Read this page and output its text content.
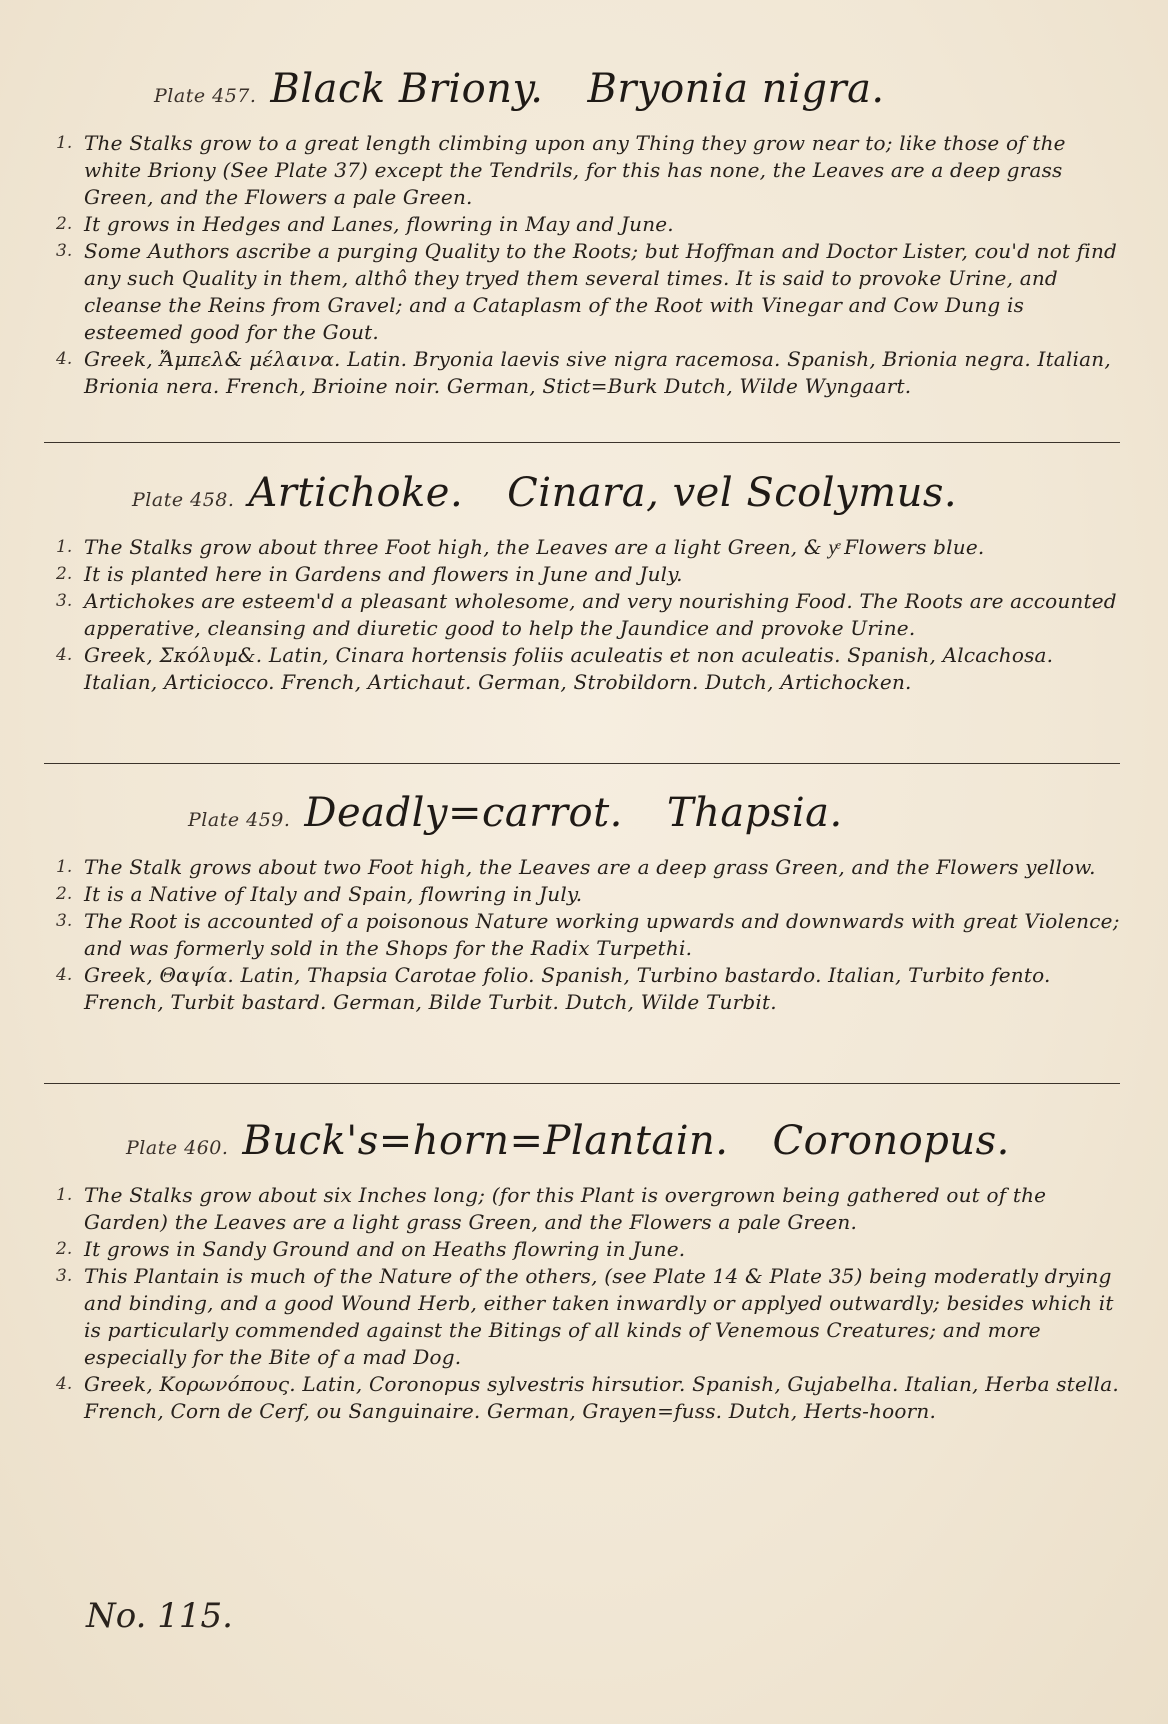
Plate 457. Black Briony. Bryonia nigra.
1. The Stalks grow to a great length climbing upon any Thing they grow near to; like those of the white Briony (See Plate 37) except the Tendrils, for this has none, the Leaves are a deep grass Green, and the Flowers a pale Green.
2. It grows in Hedges and Lanes, flowring in May and June.
3. Some Authors ascribe a purging Quality to the Roots; but Hoffman and Doctor Lister, cou'd not find any such Quality in them, althô they tryed them several times. It is said to provoke Urine, and cleanse the Reins from Gravel; and a Cataplasm of the Root with Vinegar and Cow Dung is esteemed good for the Gout.
4. Greek, Ἄμπελ& μέλαινα. Latin. Bryonia laevis sive nigra racemosa. Spanish, Brionia negra. Italian, Brionia nera. French, Brioine noir. German, Stict=Burk Dutch, Wilde Wyngaart.
Plate 458. Artichoke. Cinara, vel Scolymus.
1. The Stalks grow about three Foot high, the Leaves are a light Green, & yͤ Flowers blue.
2. It is planted here in Gardens and flowers in June and July.
3. Artichokes are esteem'd a pleasant wholesome, and very nourishing Food. The Roots are accounted apperative, cleansing and diuretic good to help the Jaundice and provoke Urine.
4. Greek, Σκόλυμ&. Latin, Cinara hortensis foliis aculeatis et non aculeatis. Spanish, Alcachosa. Italian, Articiocco. French, Artichaut. German, Strobildorn. Dutch, Artichocken.
Plate 459. Deadly=carrot. Thapsia.
1. The Stalk grows about two Foot high, the Leaves are a deep grass Green, and the Flowers yellow.
2. It is a Native of Italy and Spain, flowring in July.
3. The Root is accounted of a poisonous Nature working upwards and downwards with great Violence; and was formerly sold in the Shops for the Radix Turpethi.
4. Greek, Θαψία. Latin, Thapsia Carotae folio. Spanish, Turbino bastardo. Italian, Turbito fento. French, Turbit bastard. German, Bilde Turbit. Dutch, Wilde Turbit.
Plate 460. Buck's=horn=Plantain. Coronopus.
1. The Stalks grow about six Inches long; (for this Plant is overgrown being gathered out of the Garden) the Leaves are a light grass Green, and the Flowers a pale Green.
2. It grows in Sandy Ground and on Heaths flowring in June.
3. This Plantain is much of the Nature of the others, (see Plate 14 & Plate 35) being moderatly drying and binding, and a good Wound Herb, either taken inwardly or applyed outwardly; besides which it is particularly commended against the Bitings of all kinds of Venemous Creatures; and more especially for the Bite of a mad Dog.
4. Greek, Κορωνόπους. Latin, Coronopus sylvestris hirsutior. Spanish, Gujabelha. Italian, Herba stella. French, Corn de Cerf, ou Sanguinaire. German, Grayen=fuss. Dutch, Herts-hoorn.
No. 115.
